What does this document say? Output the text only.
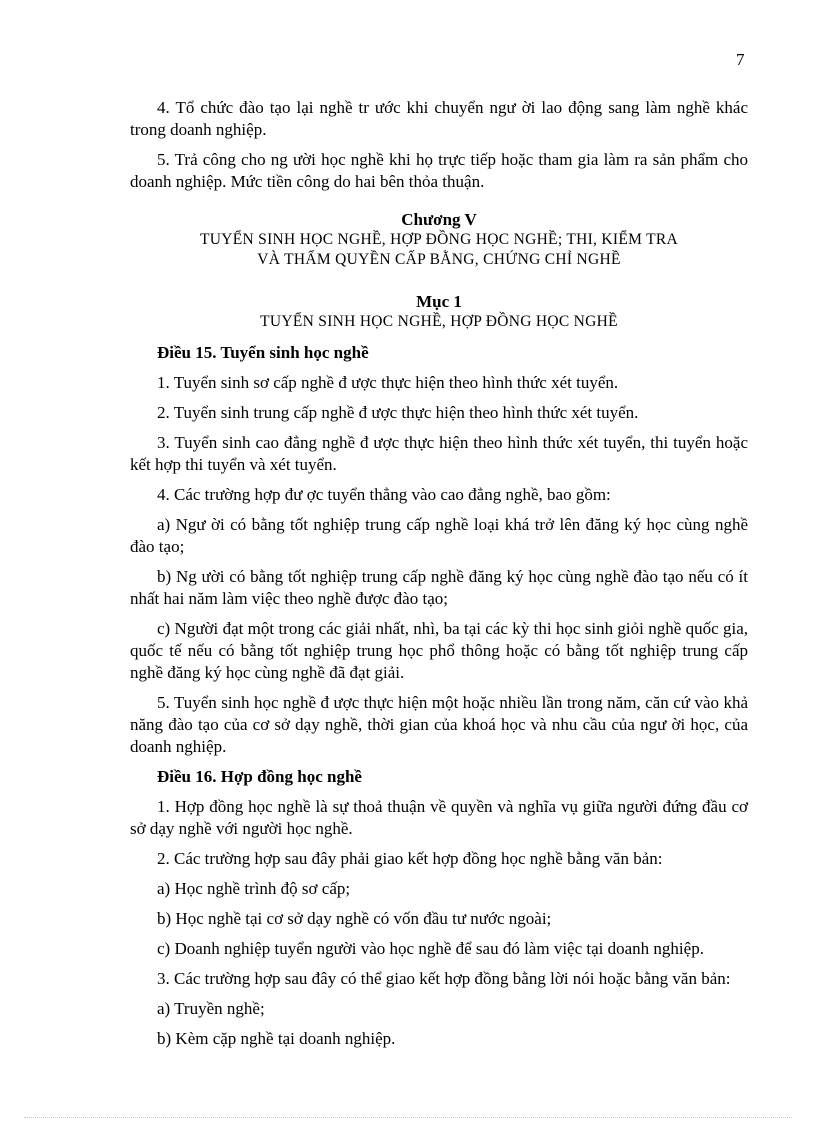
7

4. Tổ chức đào tạo lại nghề tr ước khi chuyển ngư ời lao động sang làm nghề khác trong doanh nghiệp.

5. Trả công cho ng ười học nghề khi họ trực tiếp hoặc tham gia làm ra sản phẩm cho doanh nghiệp. Mức tiền công do hai bên thỏa thuận.

Chương V
TUYỂN SINH HỌC NGHỀ, HỢP ĐỒNG HỌC NGHỀ; THI, KIỂM TRA
VÀ THẨM QUYỀN CẤP BẰNG, CHỨNG CHỈ NGHỀ
Mục 1
TUYỂN SINH HỌC NGHỀ, HỢP ĐỒNG HỌC NGHỀ

Điều 15. Tuyển sinh học nghề

1. Tuyển sinh sơ cấp nghề đ ược thực hiện theo hình thức xét tuyển.

2. Tuyển sinh trung cấp nghề đ ược thực hiện theo hình thức xét tuyển.

3. Tuyển sinh cao đẳng nghề đ ược thực hiện theo hình thức xét tuyển, thi tuyển hoặc kết hợp thi tuyển và xét tuyển.

4. Các trường hợp đư ợc tuyển thẳng vào cao đẳng nghề, bao gồm:

a) Ngư ời có bằng tốt nghiệp trung cấp nghề loại khá trở lên đăng ký học cùng nghề đào tạo;

b) Ng ười có bằng tốt nghiệp trung cấp nghề đăng ký học cùng nghề đào tạo nếu có ít nhất hai năm làm việc theo nghề được đào tạo;

c) Người đạt một trong các giải nhất, nhì, ba tại các kỳ thi học sinh giỏi nghề quốc gia, quốc tế nếu có bằng tốt nghiệp trung học phổ thông hoặc có bằng tốt nghiệp trung cấp nghề đăng ký học cùng nghề đã đạt giải.

5. Tuyển sinh học nghề đ ược thực hiện một hoặc nhiều lần trong năm, căn cứ vào khả năng đào tạo của cơ sở dạy nghề, thời gian của khoá học và nhu cầu của ngư ời học, của doanh nghiệp.

Điều 16. Hợp đồng học nghề

1. Hợp đồng học nghề là sự thoả thuận về quyền và nghĩa vụ giữa người đứng đầu cơ sở dạy nghề với người học nghề.

2. Các trường hợp sau đây phải giao kết hợp đồng học nghề bằng văn bản:

a) Học nghề trình độ sơ cấp;

b) Học nghề tại cơ sở dạy nghề có vốn đầu tư nước ngoài;

c) Doanh nghiệp tuyển người vào học nghề để sau đó làm việc tại doanh nghiệp.

3. Các trường hợp sau đây có thể giao kết hợp đồng bằng lời nói hoặc bằng văn bản:

a) Truyền nghề;

b) Kèm cặp nghề tại doanh nghiệp.
